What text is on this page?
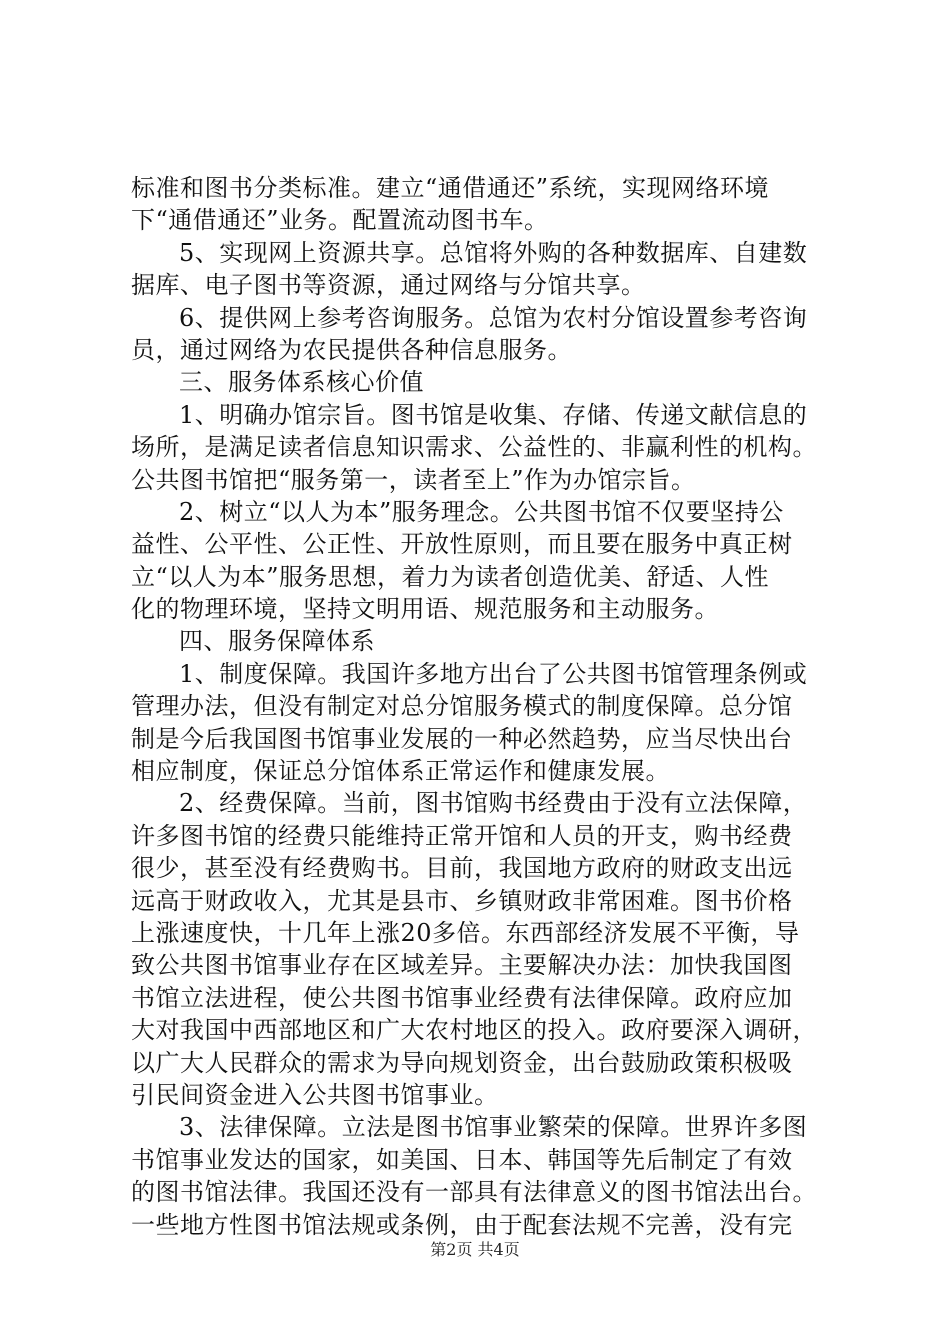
标准和图书分类标准。建立“通借通还”系统，实现网络环境
下“通借通还”业务。配置流动图书车。
5、实现网上资源共享。总馆将外购的各种数据库、自建数
据库、电子图书等资源，通过网络与分馆共享。
6、提供网上参考咨询服务。总馆为农村分馆设置参考咨询
员，通过网络为农民提供各种信息服务。
三、服务体系核心价值
1、明确办馆宗旨。图书馆是收集、存储、传递文献信息的
场所，是满足读者信息知识需求、公益性的、非赢利性的机构。
公共图书馆把“服务第一，读者至上”作为办馆宗旨。
2、树立“以人为本”服务理念。公共图书馆不仅要坚持公
益性、公平性、公正性、开放性原则，而且要在服务中真正树
立“以人为本”服务思想，着力为读者创造优美、舒适、人性
化的物理环境，坚持文明用语、规范服务和主动服务。
四、服务保障体系
1、制度保障。我国许多地方出台了公共图书馆管理条例或
管理办法，但没有制定对总分馆服务模式的制度保障。总分馆
制是今后我国图书馆事业发展的一种必然趋势，应当尽快出台
相应制度，保证总分馆体系正常运作和健康发展。
2、经费保障。当前，图书馆购书经费由于没有立法保障，
许多图书馆的经费只能维持正常开馆和人员的开支，购书经费
很少，甚至没有经费购书。目前，我国地方政府的财政支出远
远高于财政收入，尤其是县市、乡镇财政非常困难。图书价格
上涨速度快，十几年上涨20多倍。东西部经济发展不平衡，导
致公共图书馆事业存在区域差异。主要解决办法：加快我国图
书馆立法进程，使公共图书馆事业经费有法律保障。政府应加
大对我国中西部地区和广大农村地区的投入。政府要深入调研，
以广大人民群众的需求为导向规划资金，出台鼓励政策积极吸
引民间资金进入公共图书馆事业。
3、法律保障。立法是图书馆事业繁荣的保障。世界许多图
书馆事业发达的国家，如美国、日本、韩国等先后制定了有效
的图书馆法律。我国还没有一部具有法律意义的图书馆法出台。
一些地方性图书馆法规或条例，由于配套法规不完善，没有完
第2页 共4页
